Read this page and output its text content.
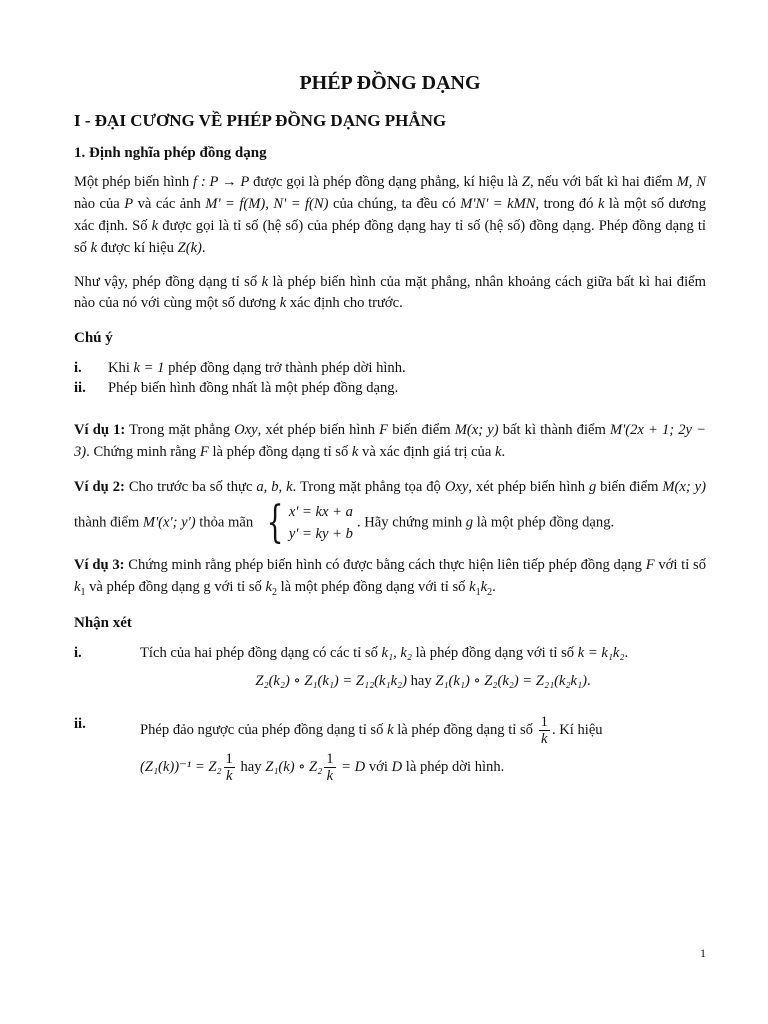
PHÉP ĐỒNG DẠNG
I - ĐẠI CƯƠNG VỀ PHÉP ĐỒNG DẠNG PHẲNG
1. Định nghĩa phép đồng dạng

Một phép biến hình f : P → P được gọi là phép đồng dạng phẳng, kí hiệu là Z, nếu với bất kì hai điểm M, N nào của P và các ảnh M' = f(M), N' = f(N) của chúng, ta đều có M'N' = kMN, trong đó k là một số dương xác định. Số k được gọi là tỉ số (hệ số) của phép đồng dạng hay tỉ số (hệ số) đồng dạng. Phép đồng dạng tỉ số k được kí hiệu Z(k).

Như vậy, phép đồng dạng tỉ số k là phép biến hình của mặt phẳng, nhân khoảng cách giữa bất kì hai điểm nào của nó với cùng một số dương k xác định cho trước.

Chú ý
i.	Khi k = 1 phép đồng dạng trở thành phép dời hình.
ii.	Phép biến hình đồng nhất là một phép đồng dạng.

Ví dụ 1: Trong mặt phẳng Oxy, xét phép biến hình F biến điểm M(x; y) bất kì thành điểm M'(2x + 1; 2y − 3). Chứng minh rằng F là phép đồng dạng tỉ số k và xác định giá trị của k.

Ví dụ 2: Cho trước ba số thực a, b, k. Trong mặt phẳng tọa độ Oxy, xét phép biến hình g biến điểm M(x; y) thành điểm M'(x'; y') thỏa mãn { x' = kx + a
y' = ky + b
. Hãy chứng minh g là một phép đồng dạng.

Ví dụ 3: Chứng minh rằng phép biến hình có được bằng cách thực hiện liên tiếp phép đồng dạng F với tỉ số $k_1$ và phép đồng dạng g với tỉ số $k_2$ là một phép đồng dạng với tỉ số $k_1k_2$.

Nhận xét
i.	Tích của hai phép đồng dạng có các tỉ số k₁, k₂ là phép đồng dạng với tỉ số k = k₁k₂.
Z₂(k₂) ∘ Z₁(k₁) = Z₁₂(k₁k₂) hay Z₁(k₁) ∘ Z₂(k₂) = Z₂₁(k₂k₁).
ii.	Phép đảo ngược của phép đồng dạng tỉ số k là phép đồng dạng tỉ số $\frac{1}{k}$ . Kí hiệu
$(Z_1(k))^{-1} = Z_2 \frac{1}{k}$ hay Z₁(k) ∘ $Z_2 \frac{1}{k} = D$ với D là phép dời hình.
1
